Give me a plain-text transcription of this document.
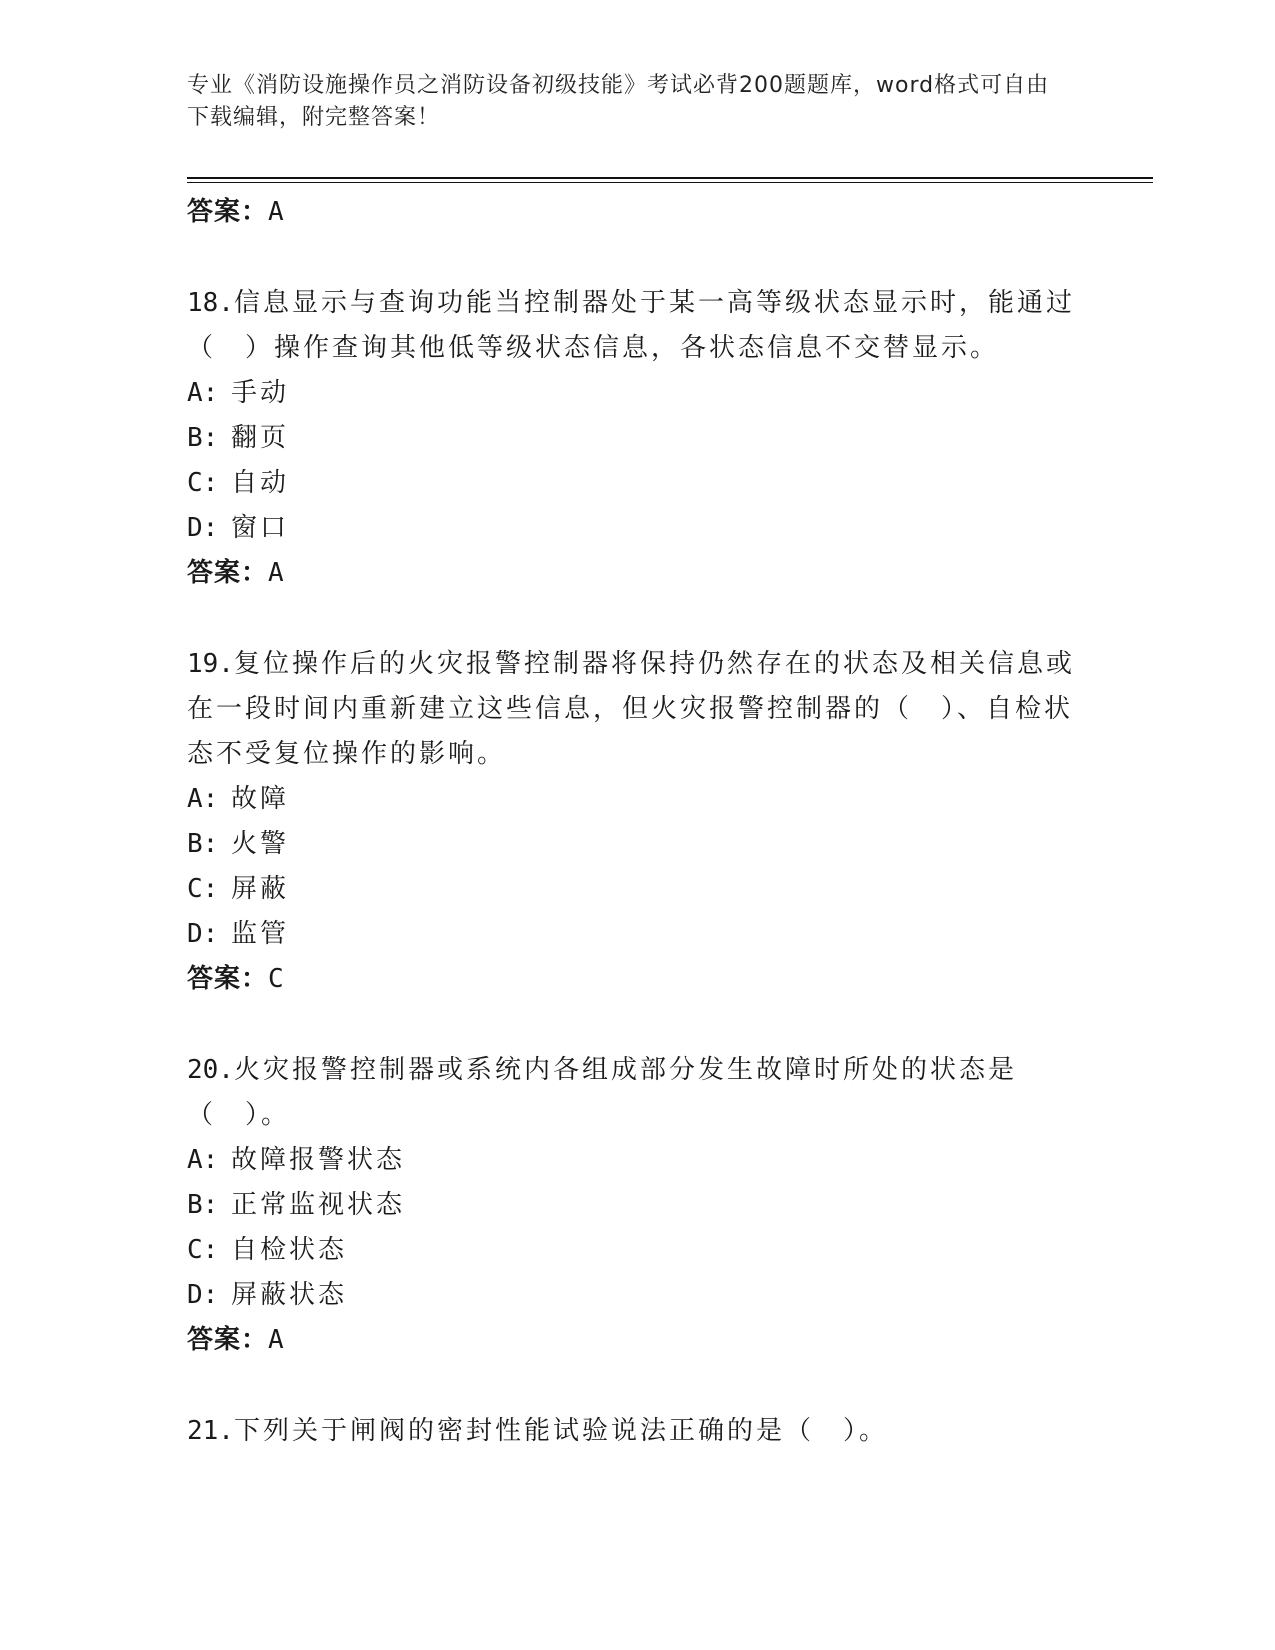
专业《消防设施操作员之消防设备初级技能》考试必背200题题库，word格式可自由下载编辑，附完整答案！
答案：A
18.信息显示与查询功能当控制器处于某一高等级状态显示时，能通过（　）操作查询其他低等级状态信息，各状态信息不交替显示。
A: 手动
B: 翻页
C: 自动
D: 窗口
答案：A
19.复位操作后的火灾报警控制器将保持仍然存在的状态及相关信息或在一段时间内重新建立这些信息，但火灾报警控制器的（　）、自检状态不受复位操作的影响。
A: 故障
B: 火警
C: 屏蔽
D: 监管
答案：C
20.火灾报警控制器或系统内各组成部分发生故障时所处的状态是（　）。
A: 故障报警状态
B: 正常监视状态
C: 自检状态
D: 屏蔽状态
答案：A
21.下列关于闸阀的密封性能试验说法正确的是（　）。
